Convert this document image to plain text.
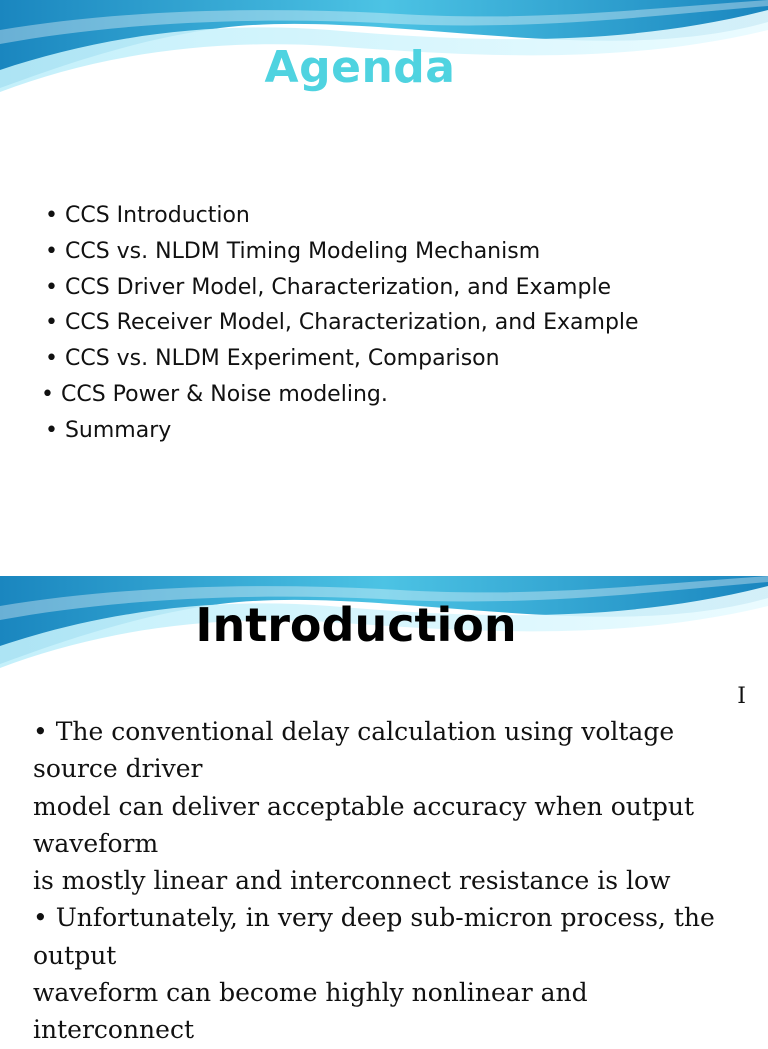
Agenda
• CCS Introduction
• CCS vs. NLDM Timing Modeling Mechanism
• CCS Driver Model, Characterization, and Example
• CCS Receiver Model, Characterization, and Example
• CCS vs. NLDM Experiment, Comparison
• CCS Power & Noise modeling.
• Summary
Introduction
I
• The conventional delay calculation using voltage
source driver
model can deliver acceptable accuracy when output
waveform
is mostly linear and interconnect resistance is low
• Unfortunately, in very deep sub-micron process, the
output
waveform can become highly nonlinear and
interconnect
